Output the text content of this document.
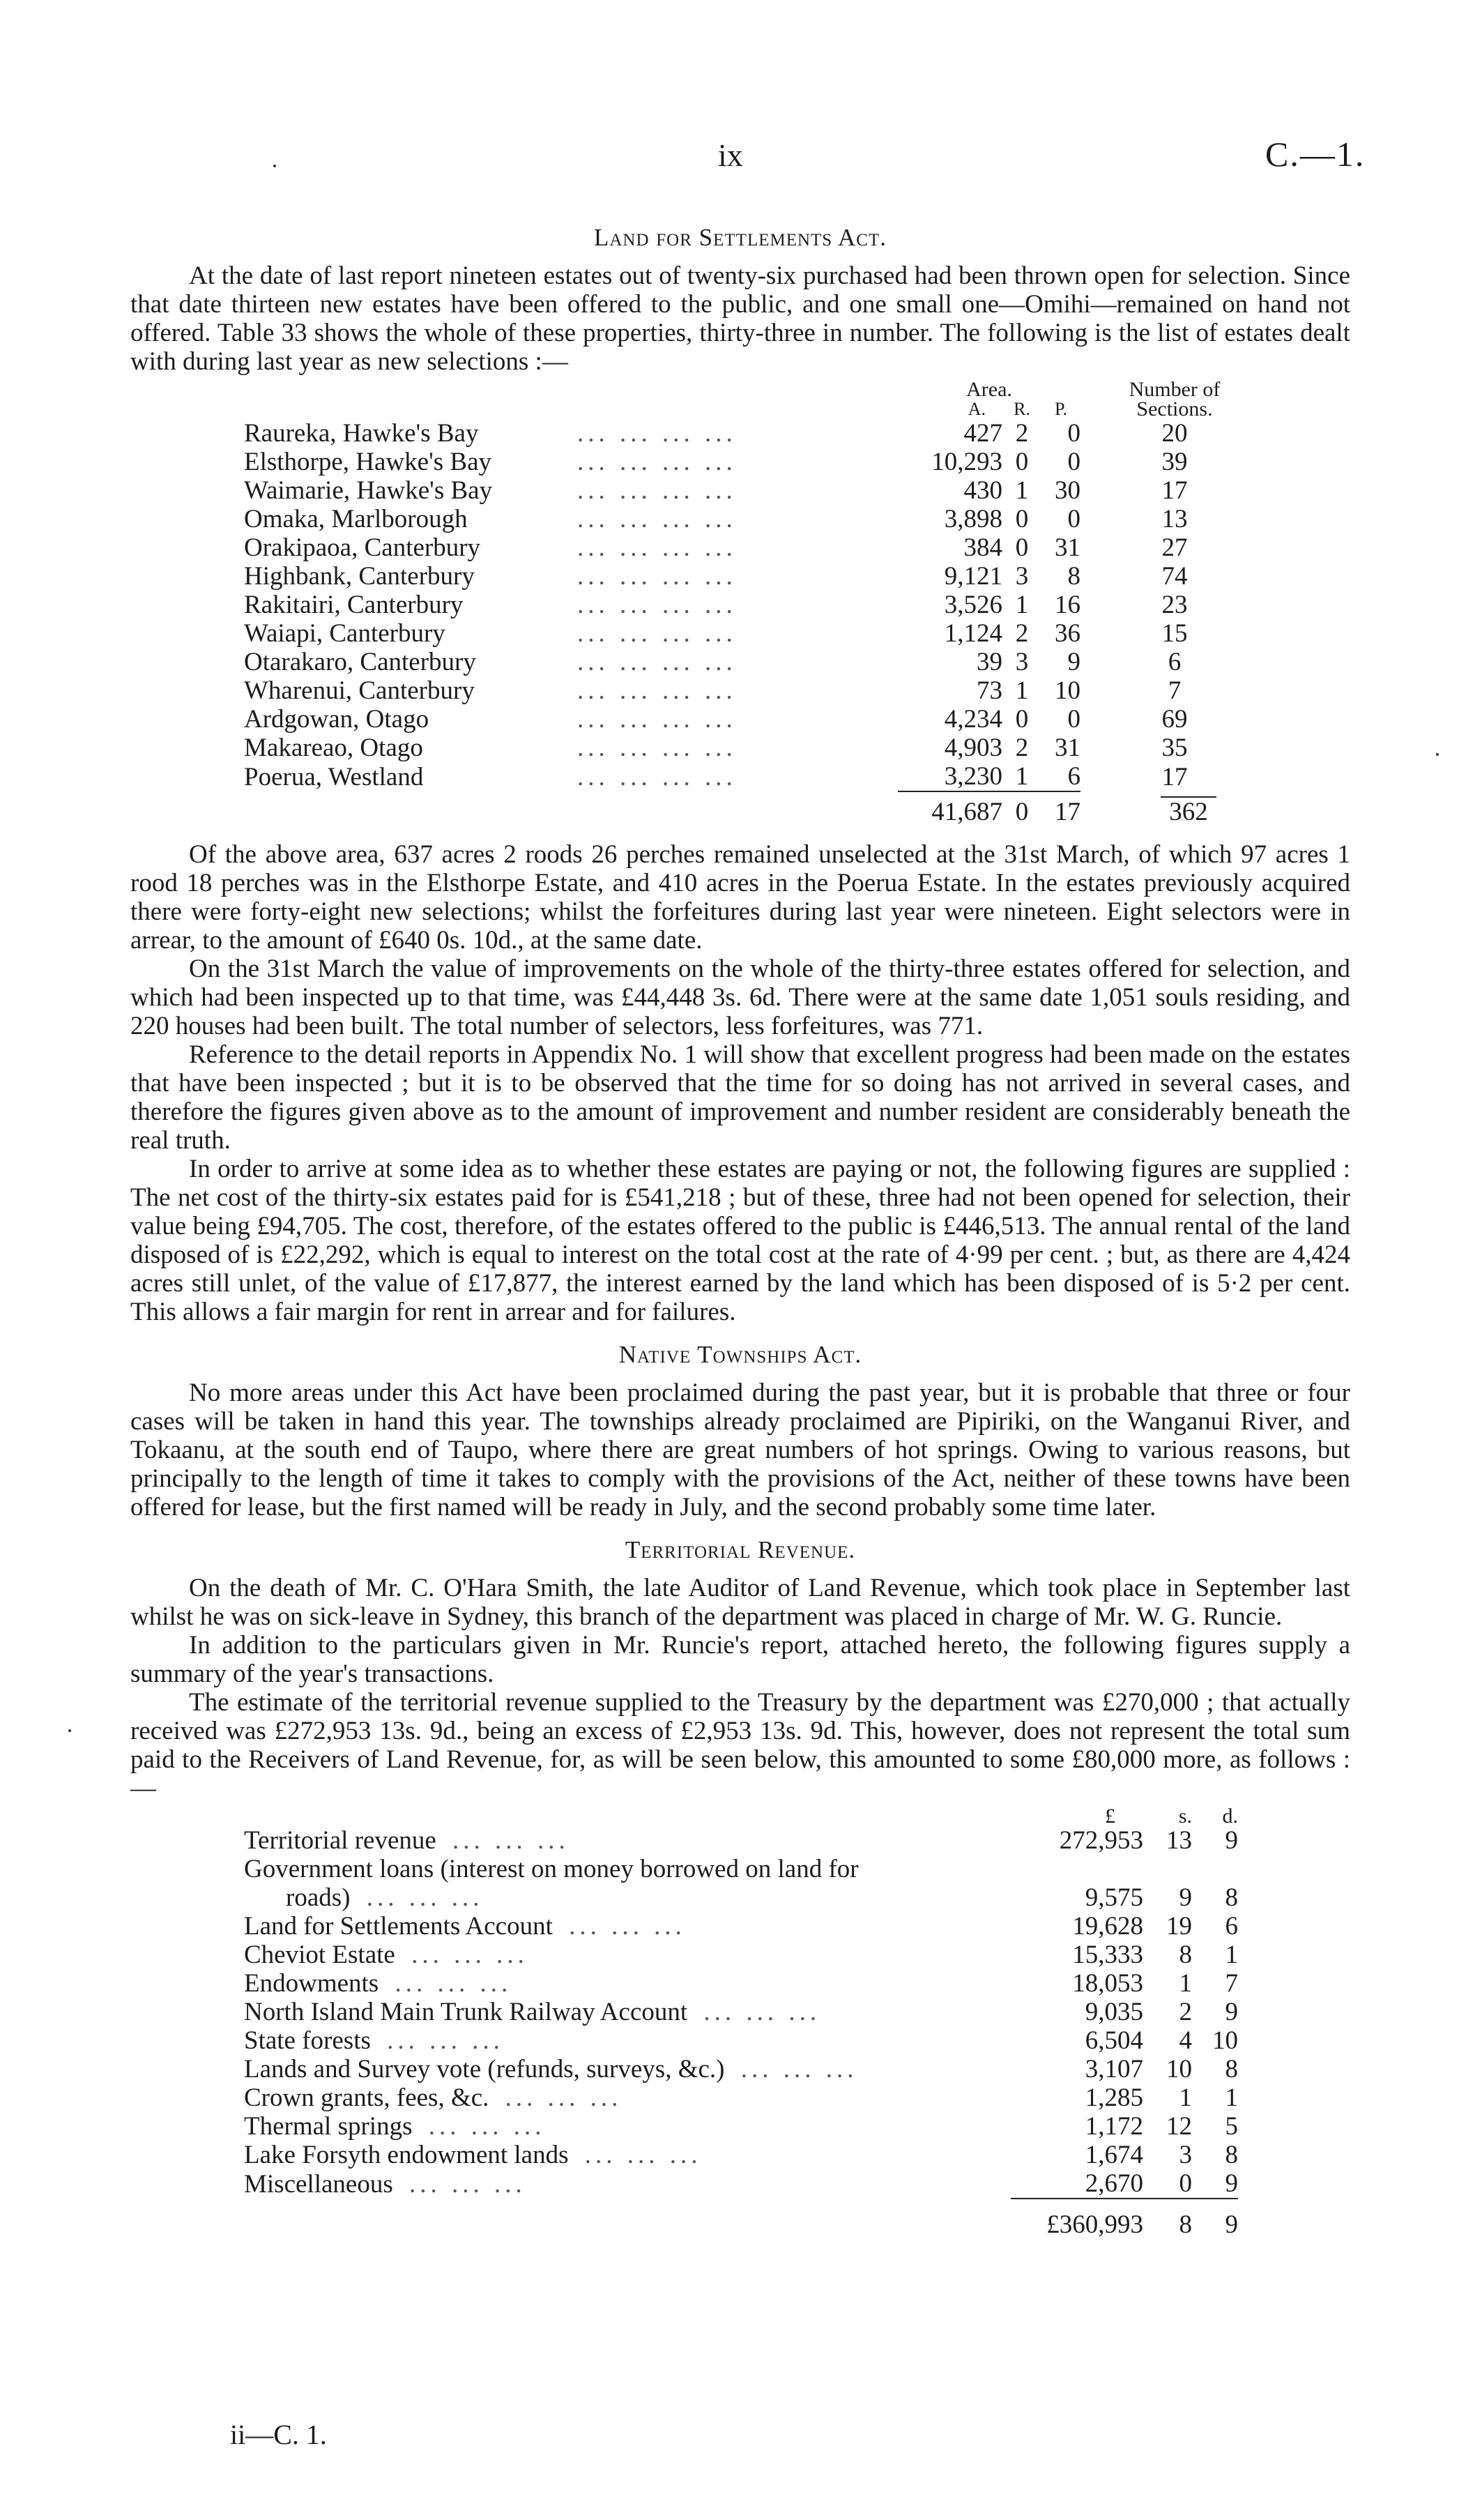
ix	C.—1.
Land for Settlements Act.

At the date of last report nineteen estates out of twenty-six purchased had been thrown open for selection. Since that date thirteen new estates have been offered to the public, and one small one—Omihi—remained on hand not offered. Table 33 shows the whole of these properties, thirty-three in number. The following is the list of estates dealt with during last year as new selections :—

		Area.			Number of
		A.	R.	P.	Sections.
Raureka, Hawke's Bay	... ... ... ...	427	2	0	20
Elsthorpe, Hawke's Bay	... ... ... ...	10,293	0	0	39
Waimarie, Hawke's Bay	... ... ... ...	430	1	30	17
Omaka, Marlborough	... ... ... ...	3,898	0	0	13
Orakipaoa, Canterbury	... ... ... ...	384	0	31	27
Highbank, Canterbury	... ... ... ...	9,121	3	8	74
Rakitairi, Canterbury	... ... ... ...	3,526	1	16	23
Waiapi, Canterbury	... ... ... ...	1,124	2	36	15
Otarakaro, Canterbury	... ... ... ...	39	3	9	6
Wharenui, Canterbury	... ... ... ...	73	1	10	7
Ardgowan, Otago	... ... ... ...	4,234	0	0	69
Makareao, Otago	... ... ... ...	4,903	2	31	35
Poerua, Westland	... ... ... ...	3,230	1	6	17
		41,687	0	17	362

Of the above area, 637 acres 2 roods 26 perches remained unselected at the 31st March, of which 97 acres 1 rood 18 perches was in the Elsthorpe Estate, and 410 acres in the Poerua Estate. In the estates previously acquired there were forty-eight new selections; whilst the forfeitures during last year were nineteen. Eight selectors were in arrear, to the amount of £640 0s. 10d., at the same date.

On the 31st March the value of improvements on the whole of the thirty-three estates offered for selection, and which had been inspected up to that time, was £44,448 3s. 6d. There were at the same date 1,051 souls residing, and 220 houses had been built. The total number of selectors, less forfeitures, was 771.

Reference to the detail reports in Appendix No. 1 will show that excellent progress had been made on the estates that have been inspected ; but it is to be observed that the time for so doing has not arrived in several cases, and therefore the figures given above as to the amount of improvement and number resident are considerably beneath the real truth.

In order to arrive at some idea as to whether these estates are paying or not, the following figures are supplied : The net cost of the thirty-six estates paid for is £541,218 ; but of these, three had not been opened for selection, their value being £94,705. The cost, therefore, of the estates offered to the public is £446,513. The annual rental of the land disposed of is £22,292, which is equal to interest on the total cost at the rate of 4·99 per cent. ; but, as there are 4,424 acres still unlet, of the value of £17,877, the interest earned by the land which has been disposed of is 5·2 per cent. This allows a fair margin for rent in arrear and for failures.

Native Townships Act.

No more areas under this Act have been proclaimed during the past year, but it is probable that three or four cases will be taken in hand this year. The townships already proclaimed are Pipiriki, on the Wanganui River, and Tokaanu, at the south end of Taupo, where there are great numbers of hot springs. Owing to various reasons, but principally to the length of time it takes to comply with the provisions of the Act, neither of these towns have been offered for lease, but the first named will be ready in July, and the second probably some time later.

Territorial Revenue.

On the death of Mr. C. O'Hara Smith, the late Auditor of Land Revenue, which took place in September last whilst he was on sick-leave in Sydney, this branch of the department was placed in charge of Mr. W. G. Runcie.

In addition to the particulars given in Mr. Runcie's report, attached hereto, the following figures supply a summary of the year's transactions.

The estimate of the territorial revenue supplied to the Treasury by the department was £270,000 ; that actually received was £272,953 13s. 9d., being an excess of £2,953 13s. 9d. This, however, does not represent the total sum paid to the Receivers of Land Revenue, for, as will be seen below, this amounted to some £80,000 more, as follows :—

	£	s.	d.
Territorial revenue ... ... ...	272,953	13	9
Government loans (interest on money borrowed on land for			
roads) ... ... ...	9,575	9	8
Land for Settlements Account ... ... ...	19,628	19	6
Cheviot Estate ... ... ...	15,333	8	1
Endowments ... ... ...	18,053	1	7
North Island Main Trunk Railway Account ... ... ...	9,035	2	9
State forests ... ... ...	6,504	4	10
Lands and Survey vote (refunds, surveys, &c.) ... ... ...	3,107	10	8
Crown grants, fees, &c. ... ... ...	1,285	1	1
Thermal springs ... ... ...	1,172	12	5
Lake Forsyth endowment lands ... ... ...	1,674	3	8
Miscellaneous ... ... ...	2,670	0	9
	£360,993	8	9
ii—C. 1.
